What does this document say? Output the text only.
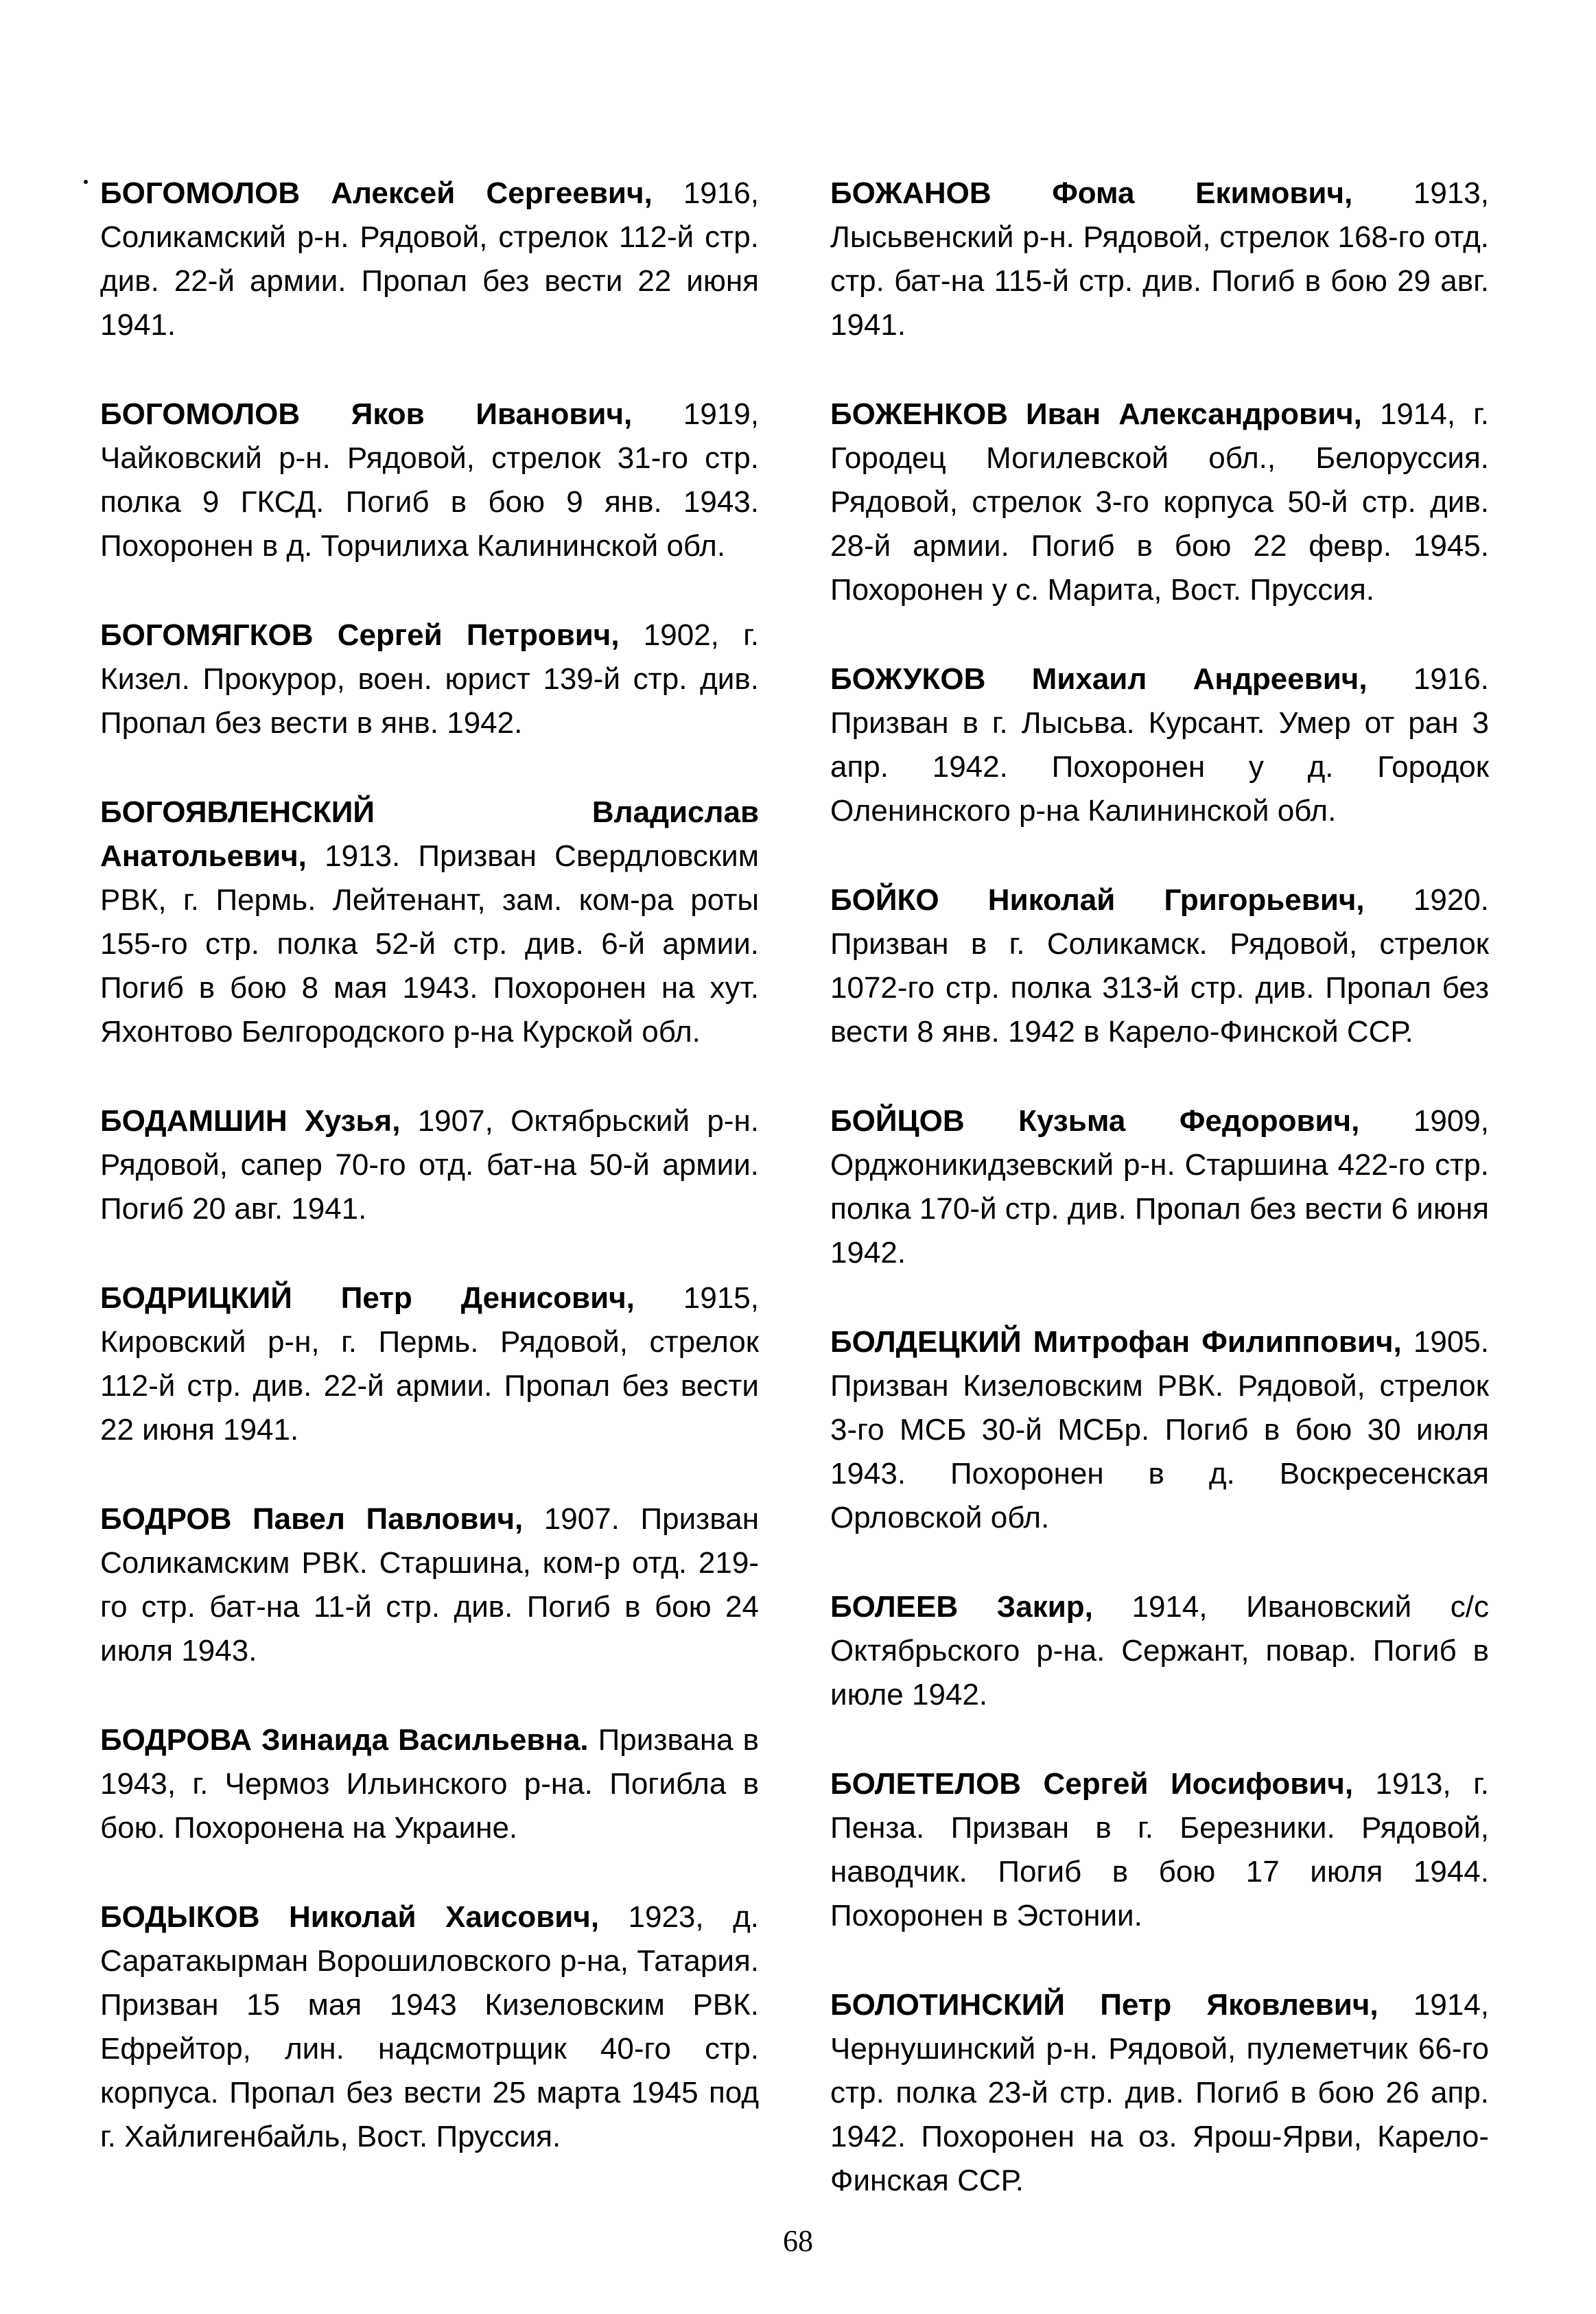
БОГОМОЛОВ Алексей Сергеевич, 1916, Соликамский р-н. Рядовой, стрелок 112-й стр. див. 22-й армии. Пропал без вести 22 июня 1941.

БОГОМОЛОВ Яков Иванович, 1919, Чайковский р-н. Рядовой, стрелок 31-го стр. полка 9 ГКСД. Погиб в бою 9 янв. 1943. Похоронен в д. Торчилиха Калининской обл.

БОГОМЯГКОВ Сергей Петрович, 1902, г. Кизел. Прокурор, воен. юрист 139-й стр. див. Пропал без вести в янв. 1942.

БОГОЯВЛЕНСКИЙ Владислав Анатольевич, 1913. Призван Свердловским РВК, г. Пермь. Лейтенант, зам. ком-ра роты 155-го стр. полка 52-й стр. див. 6-й армии. Погиб в бою 8 мая 1943. Похоронен на хут. Яхонтово Белгородского р-на Курской обл.

БОДАМШИН Хузья, 1907, Октябрьский р-н. Рядовой, сапер 70-го отд. бат-на 50-й армии. Погиб 20 авг. 1941.

БОДРИЦКИЙ Петр Денисович, 1915, Кировский р-н, г. Пермь. Рядовой, стрелок 112-й стр. див. 22-й армии. Пропал без вести 22 июня 1941.

БОДРОВ Павел Павлович, 1907. Призван Соликамским РВК. Старшина, ком-р отд. 219-го стр. бат-на 11-й стр. див. Погиб в бою 24 июля 1943.

БОДРОВА Зинаида Васильевна. Призвана в 1943, г. Чермоз Ильинского р-на. Погибла в бою. Похоронена на Украине.

БОДЫКОВ Николай Хаисович, 1923, д. Саратакырман Ворошиловского р-на, Татария. Призван 15 мая 1943 Кизеловским РВК. Ефрейтор, лин. надсмотрщик 40-го стр. корпуса. Пропал без вести 25 марта 1945 под г. Хайлигенбайль, Вост. Пруссия.

БОЖАНОВ Фома Екимович, 1913, Лысьвенский р-н. Рядовой, стрелок 168-го отд. стр. бат-на 115-й стр. див. Погиб в бою 29 авг. 1941.

БОЖЕНКОВ Иван Александрович, 1914, г. Городец Могилевской обл., Белоруссия. Рядовой, стрелок 3-го корпуса 50-й стр. див. 28-й армии. Погиб в бою 22 февр. 1945. Похоронен у с. Марита, Вост. Пруссия.

БОЖУКОВ Михаил Андреевич, 1916. Призван в г. Лысьва. Курсант. Умер от ран 3 апр. 1942. Похоронен у д. Городок Оленинского р-на Калининской обл.

БОЙКО Николай Григорьевич, 1920. Призван в г. Соликамск. Рядовой, стрелок 1072-го стр. полка 313-й стр. див. Пропал без вести 8 янв. 1942 в Карело-Финской ССР.

БОЙЦОВ Кузьма Федорович, 1909, Орджоникидзевский р-н. Старшина 422-го стр. полка 170-й стр. див. Пропал без вести 6 июня 1942.

БОЛДЕЦКИЙ Митрофан Филиппович, 1905. Призван Кизеловским РВК. Рядовой, стрелок 3-го МСБ 30-й МСБр. Погиб в бою 30 июля 1943. Похоронен в д. Воскресенская Орловской обл.

БОЛЕЕВ Закир, 1914, Ивановский с/с Октябрьского р-на. Сержант, повар. Погиб в июле 1942.

БОЛЕТЕЛОВ Сергей Иосифович, 1913, г. Пенза. Призван в г. Березники. Рядовой, наводчик. Погиб в бою 17 июля 1944. Похоронен в Эстонии.

БОЛОТИНСКИЙ Петр Яковлевич, 1914, Чернушинский р-н. Рядовой, пулеметчик 66-го стр. полка 23-й стр. див. Погиб в бою 26 апр. 1942. Похоронен на оз. Ярош-Ярви, Карело-Финская ССР.

68
